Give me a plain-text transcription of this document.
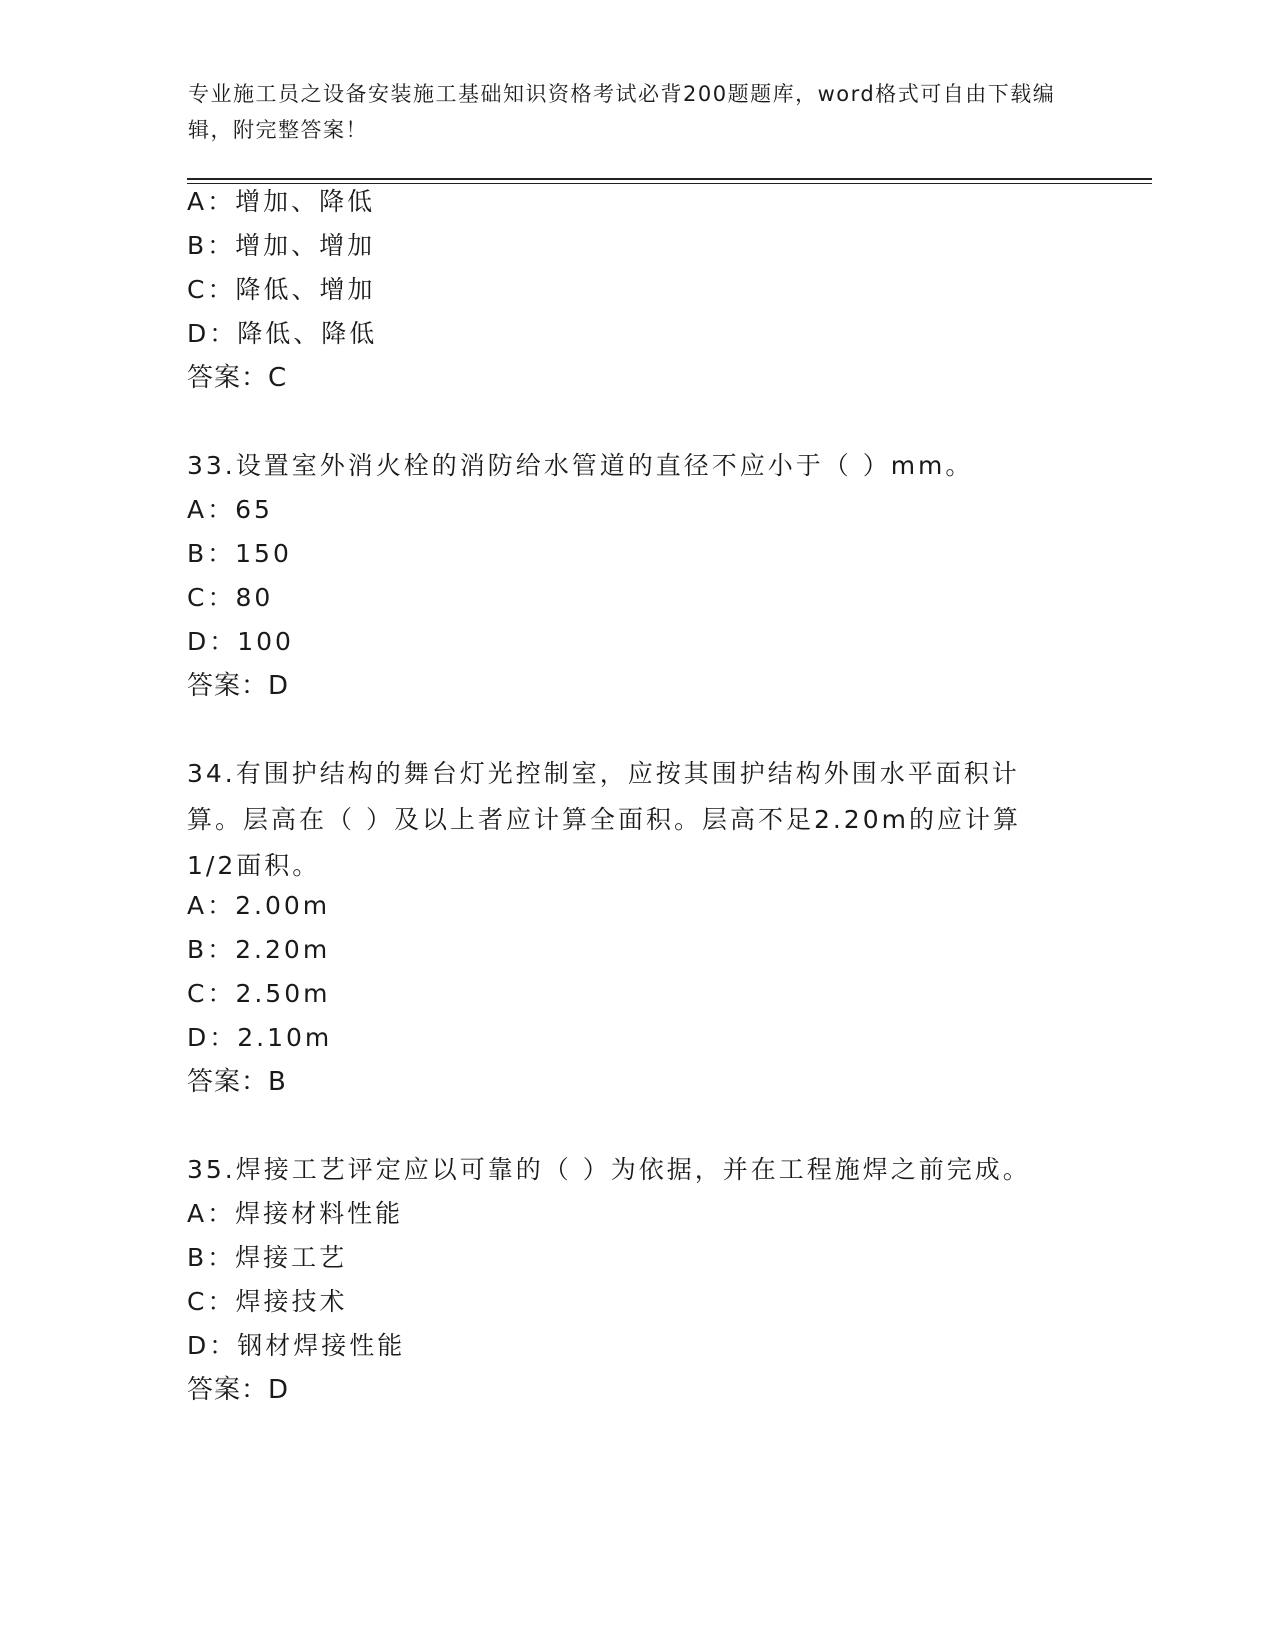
专业施工员之设备安装施工基础知识资格考试必背200题题库，word格式可自由下载编辑，附完整答案！
A：增加、降低
B：增加、增加
C：降低、增加
D：降低、降低
答案：C
33.设置室外消火栓的消防给水管道的直径不应小于（ ）mm。
A：65
B：150
C：80
D：100
答案：D
34.有围护结构的舞台灯光控制室，应按其围护结构外围水平面积计算。层高在（ ）及以上者应计算全面积。层高不足2.20m的应计算1/2面积。
A：2.00m
B：2.20m
C：2.50m
D：2.10m
答案：B
35.焊接工艺评定应以可靠的（ ）为依据，并在工程施焊之前完成。
A：焊接材料性能
B：焊接工艺
C：焊接技术
D：钢材焊接性能
答案：D
